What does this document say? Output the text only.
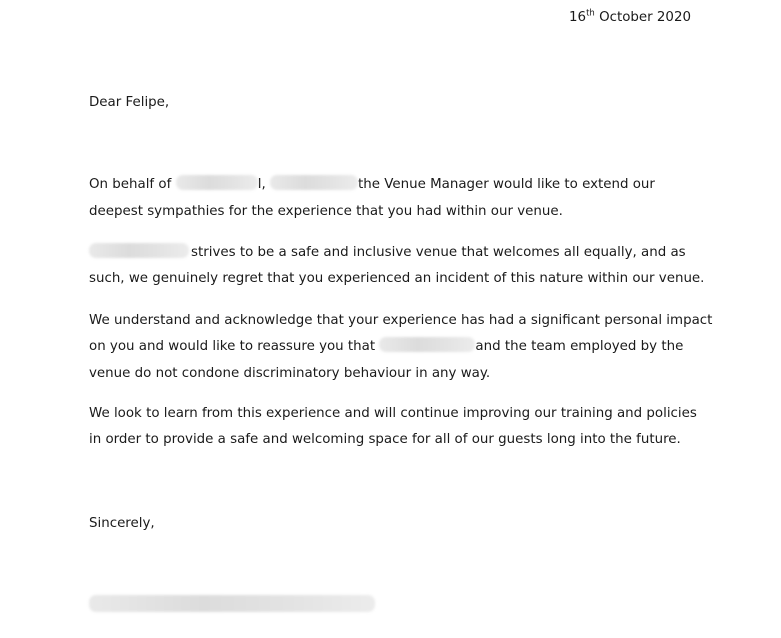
16th October 2020
Dear Felipe,
On behalf of	I,	the Venue Manager would like to extend our
deepest sympathies for the experience that you had within our venue.
strives to be a safe and inclusive venue that welcomes all equally, and as
such, we genuinely regret that you experienced an incident of this nature within our venue.
We understand and acknowledge that your experience has had a significant personal impact
on you and would like to reassure you that	and the team employed by the
venue do not condone discriminatory behaviour in any way.
We look to learn from this experience and will continue improving our training and policies
in order to provide a safe and welcoming space for all of our guests long into the future.
Sincerely,
